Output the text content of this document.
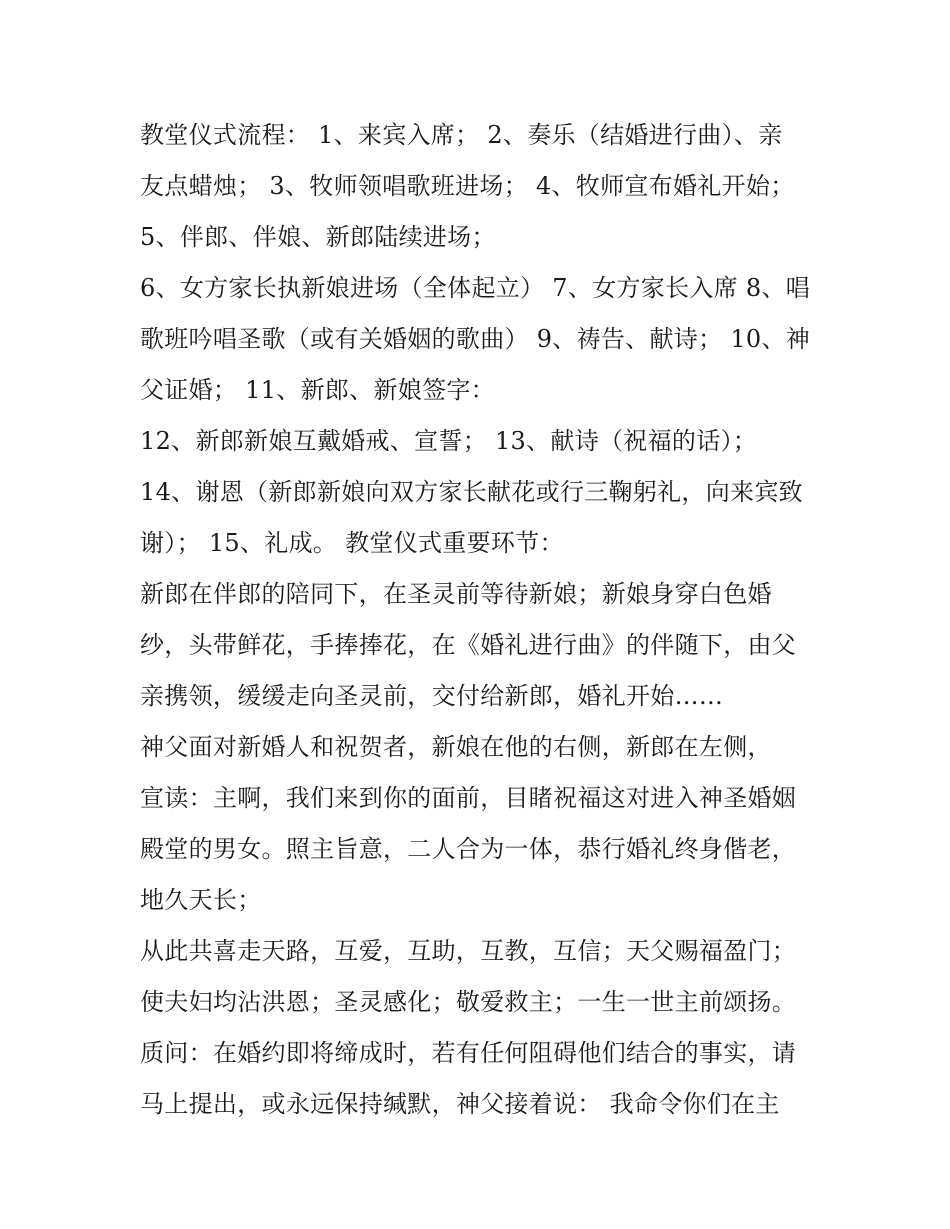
教堂仪式流程： 1、来宾入席； 2、奏乐（结婚进行曲）、亲
友点蜡烛； 3、牧师领唱歌班进场； 4、牧师宣布婚礼开始；
5、伴郎、伴娘、新郎陆续进场；
6、女方家长执新娘进场（全体起立） 7、女方家长入席 8、唱
歌班吟唱圣歌（或有关婚姻的歌曲） 9、祷告、献诗； 10、神
父证婚； 11、新郎、新娘签字：
12、新郎新娘互戴婚戒、宣誓； 13、献诗（祝福的话）；
14、谢恩（新郎新娘向双方家长献花或行三鞠躬礼，向来宾致
谢）； 15、礼成。 教堂仪式重要环节：
新郎在伴郎的陪同下，在圣灵前等待新娘；新娘身穿白色婚
纱，头带鲜花，手捧捧花，在《婚礼进行曲》的伴随下，由父
亲携领，缓缓走向圣灵前，交付给新郎，婚礼开始……
神父面对新婚人和祝贺者，新娘在他的右侧，新郎在左侧，
宣读：主啊，我们来到你的面前，目睹祝福这对进入神圣婚姻
殿堂的男女。照主旨意，二人合为一体，恭行婚礼终身偕老，
地久天长；
从此共喜走天路，互爱，互助，互教，互信；天父赐福盈门；
使夫妇均沾洪恩；圣灵感化；敬爱救主；一生一世主前颂扬。
质问：在婚约即将缔成时，若有任何阻碍他们结合的事实，请
马上提出，或永远保持缄默，神父接着说： 我命令你们在主
